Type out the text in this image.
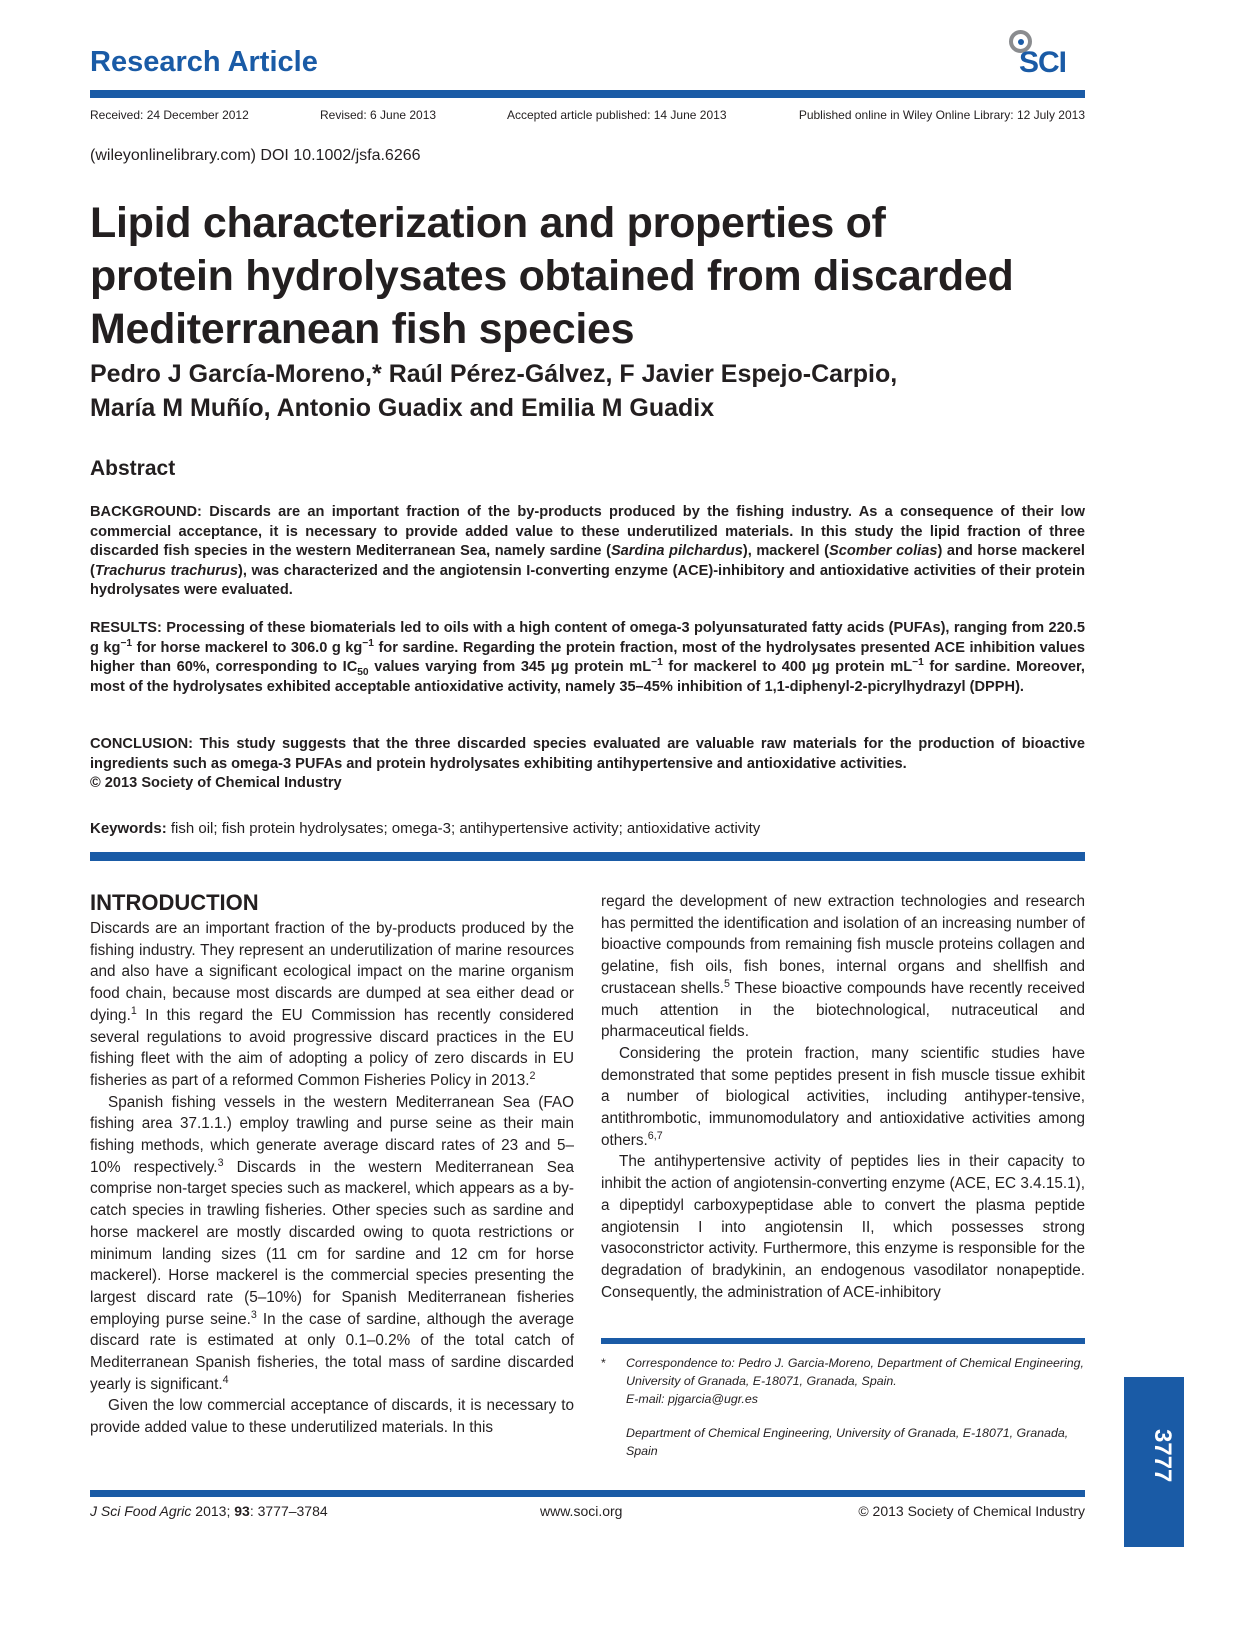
Research Article	SCI
Received: 24 December 2012	Revised: 6 June 2013	Accepted article published: 14 June 2013	Published online in Wiley Online Library: 12 July 2013
(wileyonlinelibrary.com) DOI 10.1002/jsfa.6266
Lipid characterization and properties of
protein hydrolysates obtained from discarded
Mediterranean fish species
Pedro J García-Moreno,* Raúl Pérez-Gálvez, F Javier Espejo-Carpio,
María M Muñío, Antonio Guadix and Emilia M Guadix
Abstract
BACKGROUND: Discards are an important fraction of the by-products produced by the fishing industry. As a consequence of their low commercial acceptance, it is necessary to provide added value to these underutilized materials. In this study the lipid fraction of three discarded fish species in the western Mediterranean Sea, namely sardine (Sardina pilchardus), mackerel (Scomber colias) and horse mackerel (Trachurus trachurus), was characterized and the angiotensin I-converting enzyme (ACE)-inhibitory and antioxidative activities of their protein hydrolysates were evaluated.
RESULTS: Processing of these biomaterials led to oils with a high content of omega-3 polyunsaturated fatty acids (PUFAs), ranging from 220.5 g $kg^{-1}$ for horse mackerel to 306.0 g $kg^{-1}$ for sardine. Regarding the protein fraction, most of the hydrolysates presented ACE inhibition values higher than 60%, corresponding to $IC_{50}$ values varying from 345 μg protein $mL^{-1}$ for mackerel to 400 μg protein $mL^{-1}$ for sardine. Moreover, most of the hydrolysates exhibited acceptable antioxidative activity, namely 35–45% inhibition of 1,1-diphenyl-2-picrylhydrazyl (DPPH).
CONCLUSION: This study suggests that the three discarded species evaluated are valuable raw materials for the production of bioactive ingredients such as omega-3 PUFAs and protein hydrolysates exhibiting antihypertensive and antioxidative activities.
© 2013 Society of Chemical Industry
Keywords: fish oil; fish protein hydrolysates; omega-3; antihypertensive activity; antioxidative activity
INTRODUCTION

Discards are an important fraction of the by-products produced by the fishing industry. They represent an underutilization of marine resources and also have a significant ecological impact on the marine organism food chain, because most discards are dumped at sea either dead or dying.$^1$ In this regard the EU Commission has recently considered several regulations to avoid progressive discard practices in the EU fishing fleet with the aim of adopting a policy of zero discards in EU fisheries as part of a reformed Common Fisheries Policy in 2013.$^2$

Spanish fishing vessels in the western Mediterranean Sea (FAO fishing area 37.1.1.) employ trawling and purse seine as their main fishing methods, which generate average discard rates of 23 and 5–10% respectively.$^3$ Discards in the western Mediterranean Sea comprise non-target species such as mackerel, which appears as a by-catch species in trawling fisheries. Other species such as sardine and horse mackerel are mostly discarded owing to quota restrictions or minimum landing sizes (11 cm for sardine and 12 cm for horse mackerel). Horse mackerel is the commercial species presenting the largest discard rate (5–10%) for Spanish Mediterranean fisheries employing purse seine.$^3$ In the case of sardine, although the average discard rate is estimated at only 0.1–0.2% of the total catch of Mediterranean Spanish fisheries, the total mass of sardine discarded yearly is significant.$^4$

Given the low commercial acceptance of discards, it is necessary to provide added value to these underutilized materials. In this

regard the development of new extraction technologies and research has permitted the identification and isolation of an increasing number of bioactive compounds from remaining fish muscle proteins collagen and gelatine, fish oils, fish bones, internal organs and shellfish and crustacean shells.$^5$ These bioactive compounds have recently received much attention in the biotechnological, nutraceutical and pharmaceutical fields.

Considering the protein fraction, many scientific studies have demonstrated that some peptides present in fish muscle tissue exhibit a number of biological activities, including antihyper-tensive, antithrombotic, immunomodulatory and antioxidative activities among others.$^{6,7}$

The antihypertensive activity of peptides lies in their capacity to inhibit the action of angiotensin-converting enzyme (ACE, EC 3.4.15.1), a dipeptidyl carboxypeptidase able to convert the plasma peptide angiotensin I into angiotensin II, which possesses strong vasoconstrictor activity. Furthermore, this enzyme is responsible for the degradation of bradykinin, an endogenous vasodilator nonapeptide. Consequently, the administration of ACE-inhibitory

* Correspondence to: Pedro J. Garcia-Moreno, Department of Chemical Engineering, University of Granada, E-18071, Granada, Spain.
E-mail: pjgarcia@ugr.es
Department of Chemical Engineering, University of Granada, E-18071, Granada, Spain
J Sci Food Agric 2013; 93: 3777–3784	www.soci.org	© 2013 Society of Chemical Industry
3777
